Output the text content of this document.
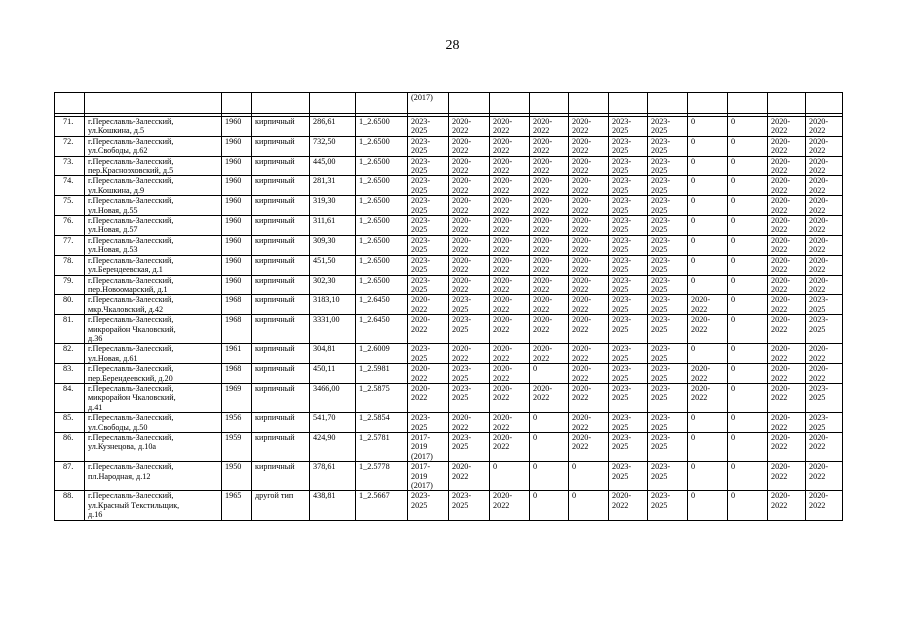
28
						(2017)										

71.	г.Переславль-Залесский,
ул.Кошкина, д.5	1960	кирпичный	286,61	1_2.6500	2023-
2025	2020-
2022	2020-
2022	2020-
2022	2020-
2022	2023-
2025	2023-
2025	0	0	2020-
2022	2020-
2022
72.	г.Переславль-Залесский,
ул.Свободы, д.62	1960	кирпичный	732,50	1_2.6500	2023-
2025	2020-
2022	2020-
2022	2020-
2022	2020-
2022	2023-
2025	2023-
2025	0	0	2020-
2022	2020-
2022
73.	г.Переславль-Залесский,
пер.Красноэховский, д.5	1960	кирпичный	445,00	1_2.6500	2023-
2025	2020-
2022	2020-
2022	2020-
2022	2020-
2022	2023-
2025	2023-
2025	0	0	2020-
2022	2020-
2022
74.	г.Переславль-Залесский,
ул.Кошкина, д.9	1960	кирпичный	281,31	1_2.6500	2023-
2025	2020-
2022	2020-
2022	2020-
2022	2020-
2022	2023-
2025	2023-
2025	0	0	2020-
2022	2020-
2022
75.	г.Переславль-Залесский,
ул.Новая, д.55	1960	кирпичный	319,30	1_2.6500	2023-
2025	2020-
2022	2020-
2022	2020-
2022	2020-
2022	2023-
2025	2023-
2025	0	0	2020-
2022	2020-
2022
76.	г.Переславль-Залесский,
ул.Новая, д.57	1960	кирпичный	311,61	1_2.6500	2023-
2025	2020-
2022	2020-
2022	2020-
2022	2020-
2022	2023-
2025	2023-
2025	0	0	2020-
2022	2020-
2022
77.	г.Переславль-Залесский,
ул.Новая, д.53	1960	кирпичный	309,30	1_2.6500	2023-
2025	2020-
2022	2020-
2022	2020-
2022	2020-
2022	2023-
2025	2023-
2025	0	0	2020-
2022	2020-
2022
78.	г.Переславль-Залесский,
ул.Берендеевская, д.1	1960	кирпичный	451,50	1_2.6500	2023-
2025	2020-
2022	2020-
2022	2020-
2022	2020-
2022	2023-
2025	2023-
2025	0	0	2020-
2022	2020-
2022
79.	г.Переславль-Залесский,
пер.Новоомарский, д.1	1960	кирпичный	302,30	1_2.6500	2023-
2025	2020-
2022	2020-
2022	2020-
2022	2020-
2022	2023-
2025	2023-
2025	0	0	2020-
2022	2020-
2022
80.	г.Переславль-Залесский,
мкр.Чкаловский, д.42	1968	кирпичный	3183,10	1_2.6450	2020-
2022	2023-
2025	2020-
2022	2020-
2022	2020-
2022	2023-
2025	2023-
2025	2020-
2022	0	2020-
2022	2023-
2025
81.	г.Переславль-Залесский,
микрорайон Чкаловский,
д.36	1968	кирпичный	3331,00	1_2.6450	2020-
2022	2023-
2025	2020-
2022	2020-
2022	2020-
2022	2023-
2025	2023-
2025	2020-
2022	0	2020-
2022	2023-
2025
82.	г.Переславль-Залесский,
ул.Новая, д.61	1961	кирпичный	304,81	1_2.6009	2023-
2025	2020-
2022	2020-
2022	2020-
2022	2020-
2022	2023-
2025	2023-
2025	0	0	2020-
2022	2020-
2022
83.	г.Переславль-Залесский,
пер.Берендеевский, д.20	1968	кирпичный	450,11	1_2.5981	2020-
2022	2023-
2025	2020-
2022	0	2020-
2022	2023-
2025	2023-
2025	2020-
2022	0	2020-
2022	2020-
2022
84.	г.Переславль-Залесский,
микрорайон Чкаловский,
д.41	1969	кирпичный	3466,00	1_2.5875	2020-
2022	2023-
2025	2020-
2022	2020-
2022	2020-
2022	2023-
2025	2023-
2025	2020-
2022	0	2020-
2022	2023-
2025
85.	г.Переславль-Залесский,
ул.Свободы, д.50	1956	кирпичный	541,70	1_2.5854	2023-
2025	2020-
2022	2020-
2022	0	2020-
2022	2023-
2025	2023-
2025	0	0	2020-
2022	2023-
2025
86.	г.Переславль-Залесский,
ул.Кузнецова, д.10а	1959	кирпичный	424,90	1_2.5781	2017-
2019
(2017)	2023-
2025	2020-
2022	0	2020-
2022	2023-
2025	2023-
2025	0	0	2020-
2022	2020-
2022
87.	г.Переславль-Залесский,
пл.Народная, д.12	1950	кирпичный	378,61	1_2.5778	2017-
2019
(2017)	2020-
2022	0	0	0	2023-
2025	2023-
2025	0	0	2020-
2022	2020-
2022
88.	г.Переславль-Залесский,
ул.Красный Текстильщик,
д.16	1965	другой тип	438,81	1_2.5667	2023-
2025	2023-
2025	2020-
2022	0	0	2020-
2022	2023-
2025	0	0	2020-
2022	2020-
2022
